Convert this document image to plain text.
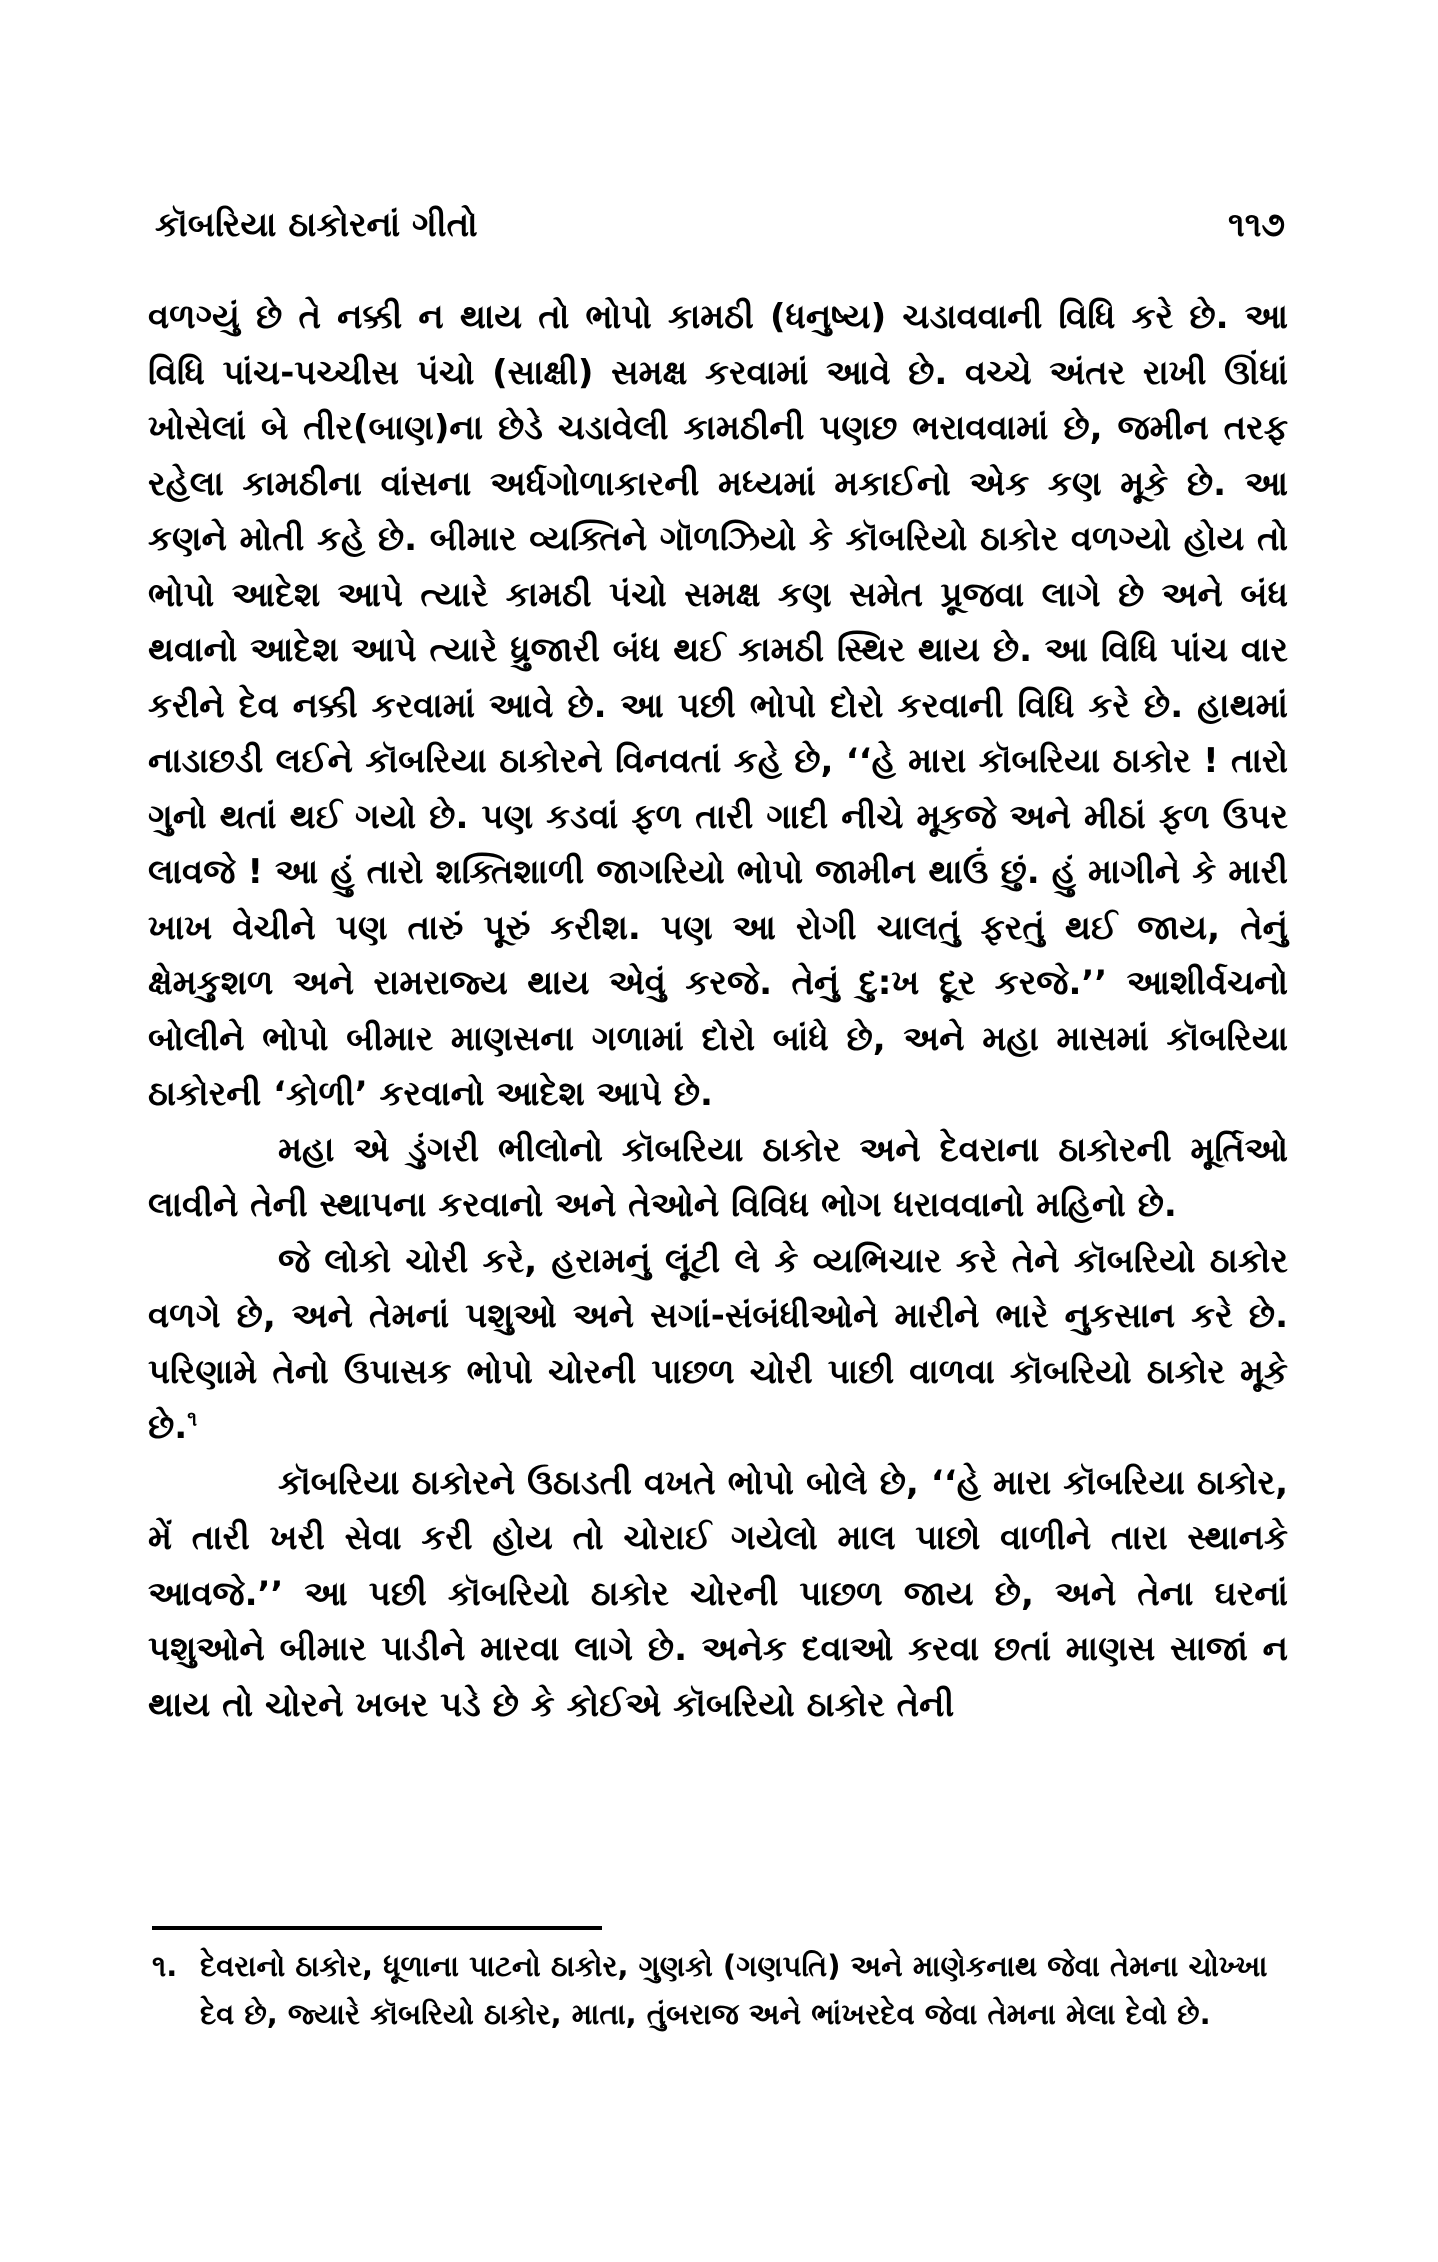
કૉબરિયા ઠાકોરનાં ગીતો	૧૧૭

વળગ્યું છે તે નક્કી ન થાય તો ભોપો કામઠી (ધનુષ્ય) ચડાવવાની વિધિ કરે છે. આ વિધિ પાંચ-પચ્ચીસ પંચો (સાક્ષી) સમક્ષ કરવામાં આવે છે. વચ્ચે અંતર રાખી ઊંધાં ખોસેલાં બે તીર(બાણ)ના છેડે ચડાવેલી કામઠીની પણછ ભરાવવામાં છે, જમીન તરફ રહેલા કામઠીના વાંસના અર્ધગોળાકારની મધ્યમાં મકાઈનો એક કણ મૂકે છે. આ કણને મોતી કહે છે. બીમાર વ્યક્તિને ગૉળઝિયો કે કૉબરિયો ઠાકોર વળગ્યો હોય તો ભોપો આદેશ આપે ત્યારે કામઠી પંચો સમક્ષ કણ સમેત પ્રૂજવા લાગે છે અને બંધ થવાનો આદેશ આપે ત્યારે ધ્રુજારી બંધ થઈ કામઠી સ્થિર થાય છે. આ વિધિ પાંચ વાર કરીને દેવ નક્કી કરવામાં આવે છે. આ પછી ભોપો દોરો કરવાની વિધિ કરે છે. હાથમાં નાડાછડી લઈને કૉબરિયા ઠાકોરને વિનવતાં કહે છે, ‘‘હે મારા કૉબરિયા ઠાકોર ! તારો ગુનો થતાં થઈ ગયો છે. પણ કડવાં ફળ તારી ગાદી નીચે મૂકજે અને મીઠાં ફળ ઉપર લાવજે ! આ હું તારો શક્તિશાળી જાગરિયો ભોપો જામીન થાઉં છું. હું માગીને કે મારી ખાખ વેચીને પણ તારું પૂરું કરીશ. પણ આ રોગી ચાલતું ફરતું થઈ જાય, તેનું ક્ષેમકુશળ અને રામરાજ્ય થાય એવું કરજે. તેનું દુ:ખ દૂર કરજે.’’ આશીર્વચનો બોલીને ભોપો બીમાર માણસના ગળામાં દોરો બાંધે છે, અને મહા માસમાં કૉબરિયા ઠાકોરની ‘કોળી’ કરવાનો આદેશ આપે છે.

મહા એ ડુંગરી ભીલોનો કૉબરિયા ઠાકોર અને દેવરાના ઠાકોરની મૂર્તિઓ લાવીને તેની સ્થાપના કરવાનો અને તેઓને વિવિધ ભોગ ધરાવવાનો મહિનો છે.

જે લોકો ચોરી કરે, હરામનું લૂંટી લે કે વ્યભિચાર કરે તેને કૉબરિયો ઠાકોર વળગે છે, અને તેમનાં પશુઓ અને સગાં-સંબંધીઓને મારીને ભારે નુકસાન કરે છે. પરિણામે તેનો ઉપાસક ભોપો ચોરની પાછળ ચોરી પાછી વાળવા કૉબરિયો ઠાકોર મૂકે છે.$^૧$

કૉબરિયા ઠાકોરને ઉઠાડતી વખતે ભોપો બોલે છે, ‘‘હે મારા કૉબરિયા ઠાકોર, મેં તારી ખરી સેવા કરી હોય તો ચોરાઈ ગયેલો માલ પાછો વાળીને તારા સ્થાનકે આવજે.’’ આ પછી કૉબરિયો ઠાકોર ચોરની પાછળ જાય છે, અને તેના ઘરનાં પશુઓને બીમાર પાડીને મારવા લાગે છે. અનેક દવાઓ કરવા છતાં માણસ સાજાં ન થાય તો ચોરને ખબર પડે છે કે કોઈએ કૉબરિયો ઠાકોર તેની

૧. દેવરાનો ઠાકોર, ધૂળાના પાટનો ઠાકોર, ગુણકો (ગણપતિ) અને માણેકનાથ જેવા તેમના ચોખ્ખા દેવ છે, જ્યારે કૉબરિયો ઠાકોર, માતા, તુંબરાજ અને ભાંખરદેવ જેવા તેમના મેલા દેવો છે.
